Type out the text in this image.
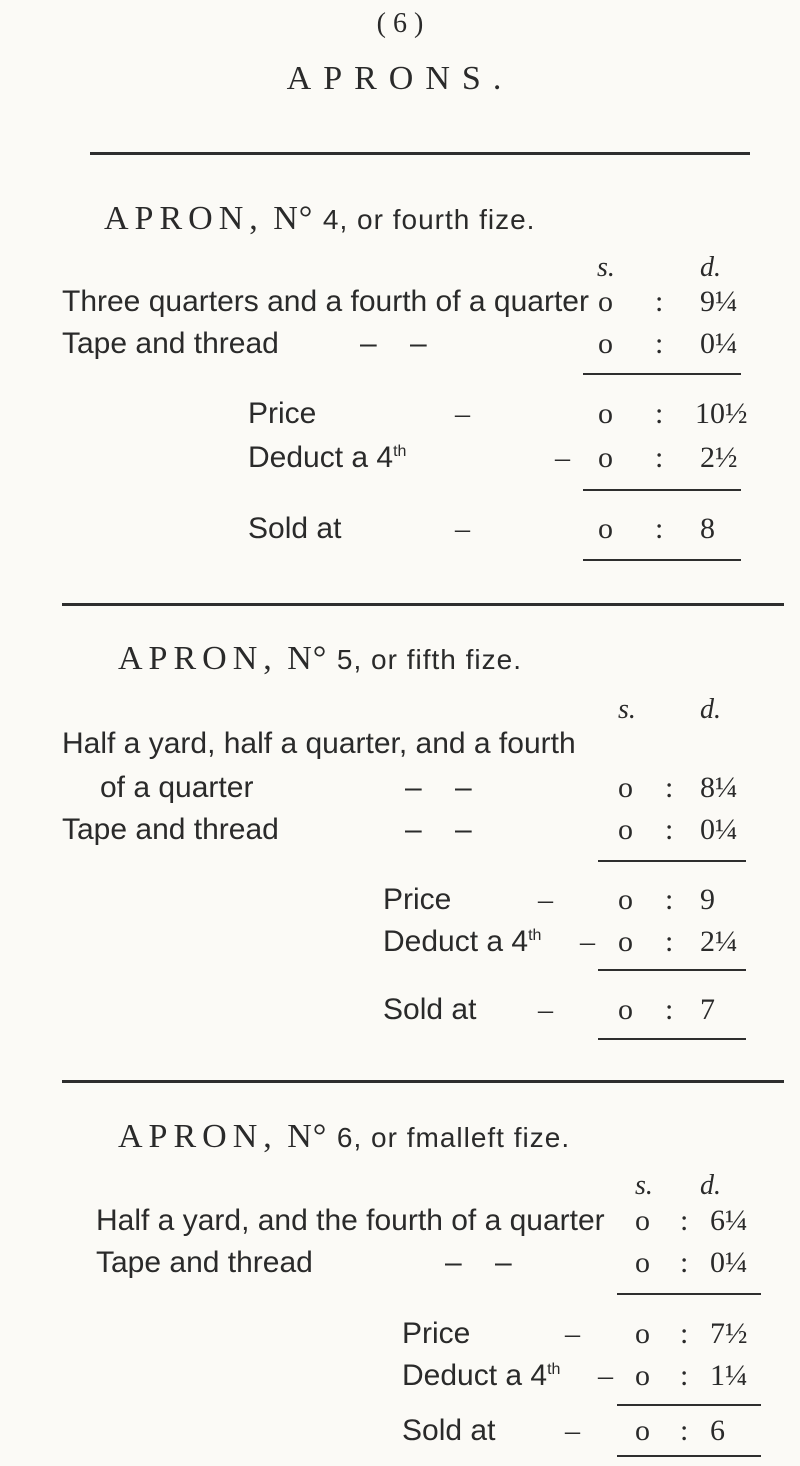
( 6 )
APRONS.
APRON, N° 4, or fourth fize.
s.	d.
Three quarters and a fourth of a quarter o : 9¼
Tape and thread	–    –	o : 0¼
Price	–	o : 10½
Deduct a 4th	– o : 2½
Sold at	–	o : 8
APRON, N° 5, or fifth fize.
s. d.
Half a yard, half a quarter, and a fourth
of a quarter	–    –	o : 8¼
Tape and thread	–    –	o : 0¼
Price	– o : 9
Deduct a 4th – o : 2¼
Sold at – o : 7
APRON, N° 6, or fmalleft fize.
s. d.
Half a yard, and the fourth of a quarter o : 6¼
Tape and thread	–    –	o : 0¼
Price	– o : 7½
Deduct a 4th – o : 1¼
Sold at – o : 6
